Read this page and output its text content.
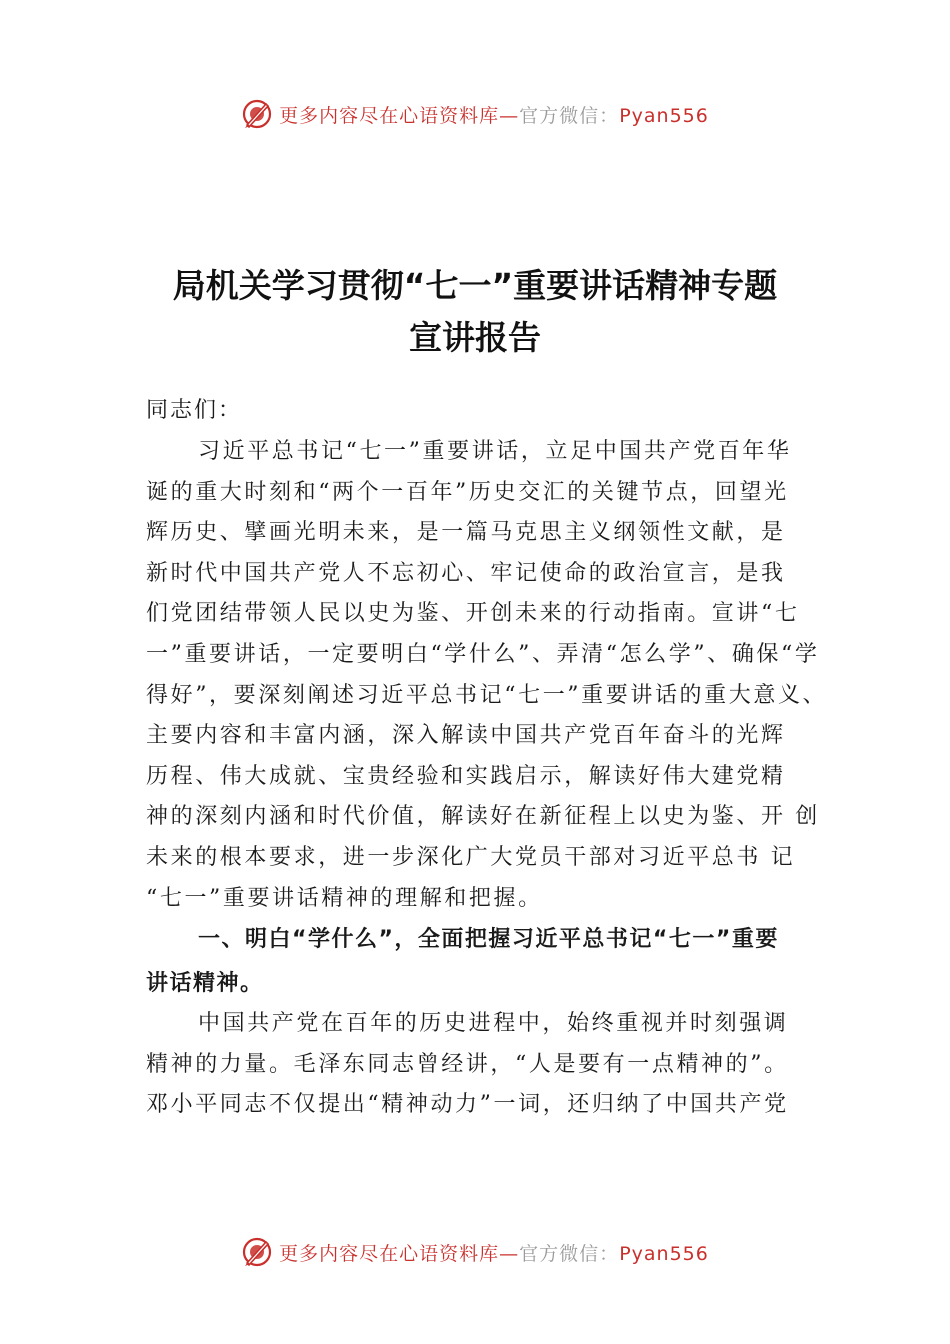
更多内容尽在心语资料库—官方微信：Pyan556
局机关学习贯彻“七一”重要讲话精神专题
宣讲报告
同志们：
习近平总书记“七一”重要讲话，立足中国共产党百年华
诞的重大时刻和“两个一百年”历史交汇的关键节点，回望光
辉历史、擘画光明未来，是一篇马克思主义纲领性文献，是
新时代中国共产党人不忘初心、牢记使命的政治宣言，是我
们党团结带领人民以史为鉴、开创未来的行动指南。宣讲“七
一”重要讲话，一定要明白“学什么”、弄清“怎么学”、确保“学
得好”，要深刻阐述习近平总书记“七一”重要讲话的重大意义、
主要内容和丰富内涵，深入解读中国共产党百年奋斗的光辉
历程、伟大成就、宝贵经验和实践启示，解读好伟大建党精
神的深刻内涵和时代价值，解读好在新征程上以史为鉴、开 创
未来的根本要求，进一步深化广大党员干部对习近平总书 记
“七一”重要讲话精神的理解和把握。
一、明白“学什么”，全面把握习近平总书记“七一”重要
讲话精神。
中国共产党在百年的历史进程中，始终重视并时刻强调
精神的力量。毛泽东同志曾经讲，“人是要有一点精神的”。
邓小平同志不仅提出“精神动力”一词，还归纳了中国共产党
更多内容尽在心语资料库—官方微信：Pyan556
